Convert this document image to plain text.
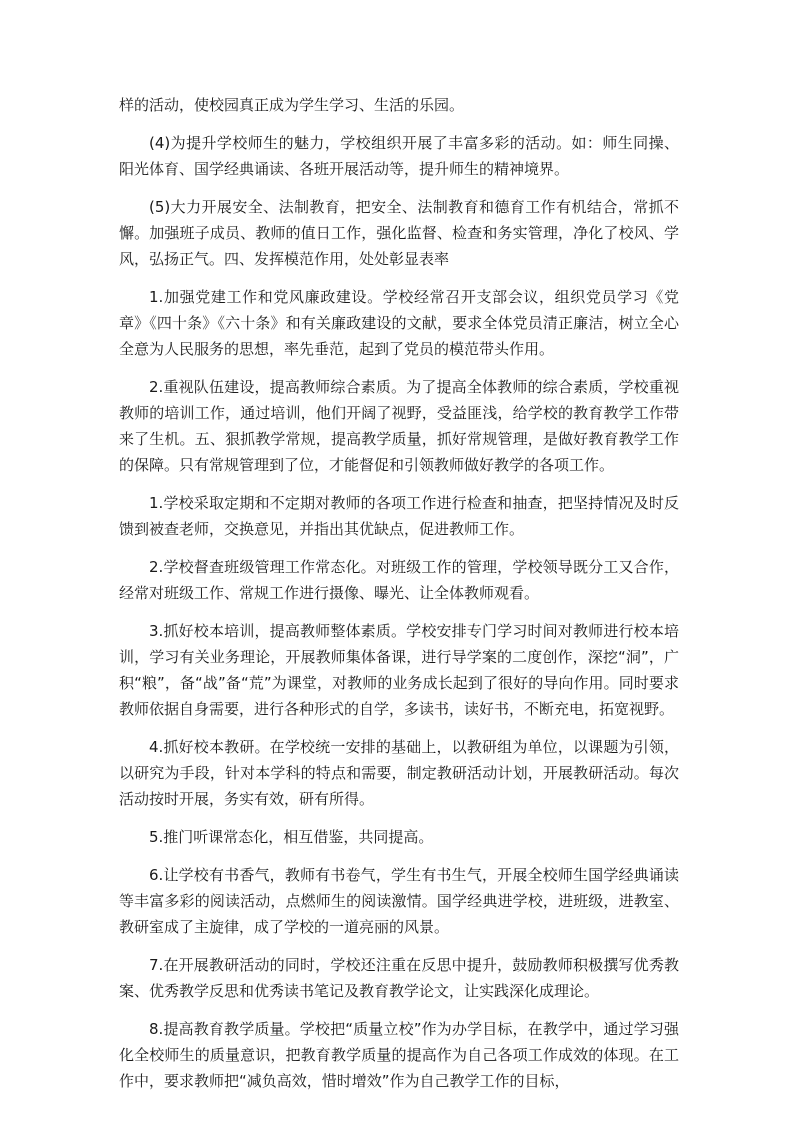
样的活动，使校园真正成为学生学习、生活的乐园。

(4)为提升学校师生的魅力，学校组织开展了丰富多彩的活动。如：师生同操、阳光体育、国学经典诵读、各班开展活动等，提升师生的精神境界。

(5)大力开展安全、法制教育，把安全、法制教育和德育工作有机结合，常抓不懈。加强班子成员、教师的值日工作，强化监督、检查和务实管理，净化了校风、学风，弘扬正气。四、发挥模范作用，处处彰显表率

1.加强党建工作和党风廉政建设。学校经常召开支部会议，组织党员学习《党章》《四十条》《六十条》和有关廉政建设的文献，要求全体党员清正廉洁，树立全心全意为人民服务的思想，率先垂范，起到了党员的模范带头作用。

2.重视队伍建设，提高教师综合素质。为了提高全体教师的综合素质，学校重视教师的培训工作，通过培训，他们开阔了视野，受益匪浅，给学校的教育教学工作带来了生机。五、狠抓教学常规，提高教学质量，抓好常规管理，是做好教育教学工作的保障。只有常规管理到了位，才能督促和引领教师做好教学的各项工作。

1.学校采取定期和不定期对教师的各项工作进行检查和抽查，把坚持情况及时反馈到被查老师，交换意见，并指出其优缺点，促进教师工作。

2.学校督查班级管理工作常态化。对班级工作的管理，学校领导既分工又合作，经常对班级工作、常规工作进行摄像、曝光、让全体教师观看。

3.抓好校本培训，提高教师整体素质。学校安排专门学习时间对教师进行校本培训，学习有关业务理论，开展教师集体备课，进行导学案的二度创作，深挖“洞”，广积“粮”，备“战”备“荒”为课堂，对教师的业务成长起到了很好的导向作用。同时要求教师依据自身需要，进行各种形式的自学，多读书，读好书，不断充电，拓宽视野。

4.抓好校本教研。在学校统一安排的基础上，以教研组为单位，以课题为引领，以研究为手段，针对本学科的特点和需要，制定教研活动计划，开展教研活动。每次活动按时开展，务实有效，研有所得。

5.推门听课常态化，相互借鉴，共同提高。

6.让学校有书香气，教师有书卷气，学生有书生气，开展全校师生国学经典诵读等丰富多彩的阅读活动，点燃师生的阅读激情。国学经典进学校，进班级，进教室、教研室成了主旋律，成了学校的一道亮丽的风景。

7.在开展教研活动的同时，学校还注重在反思中提升，鼓励教师积极撰写优秀教案、优秀教学反思和优秀读书笔记及教育教学论文，让实践深化成理论。

8.提高教育教学质量。学校把“质量立校”作为办学目标，在教学中，通过学习强化全校师生的质量意识，把教育教学质量的提高作为自己各项工作成效的体现。在工作中，要求教师把“减负高效，惜时增效”作为自己教学工作的目标，
